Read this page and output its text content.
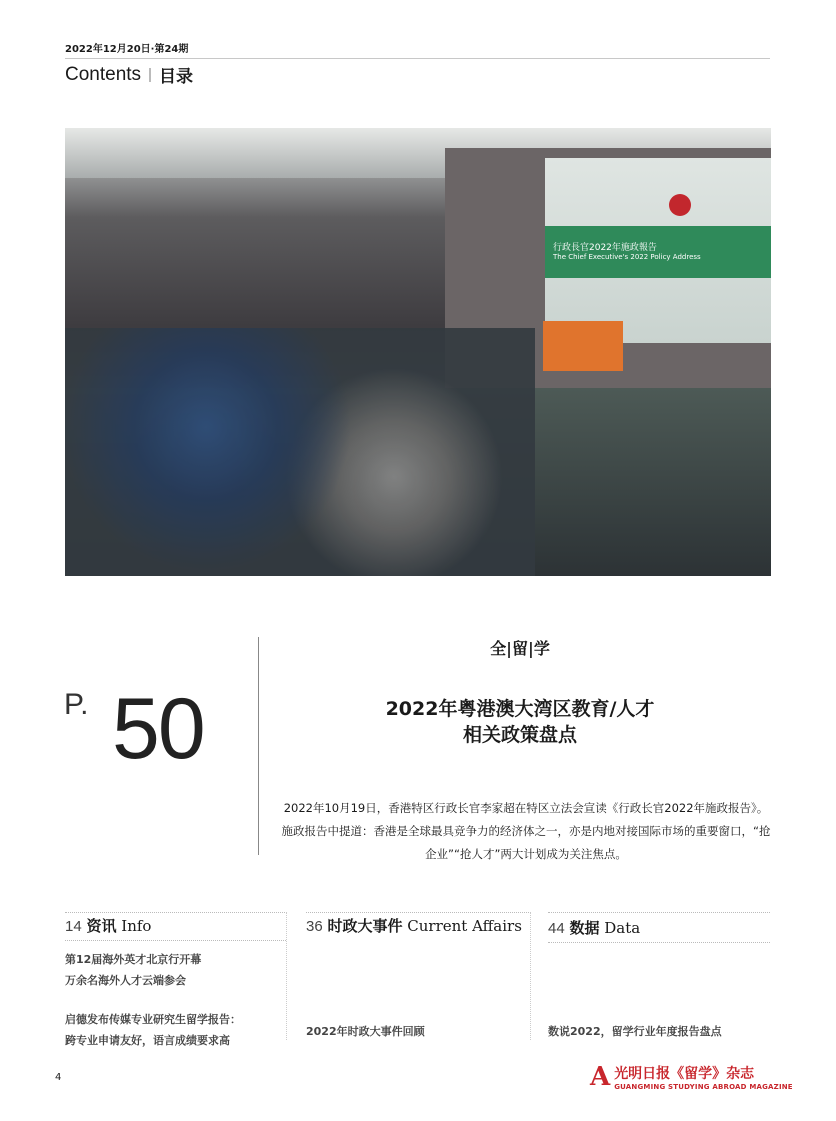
2022年12月20日·第24期
Contents 目录
行政長官2022年施政報告
The Chief Executive's 2022 Policy Address
P. 50
全|留|学
2022年粤港澳大湾区教育/人才
相关政策盘点
2022年10月19日，香港特区行政长官李家超在特区立法会宣读《行政长官2022年施政报告》。施政报告中提道：香港是全球最具竞争力的经济体之一，亦是内地对接国际市场的重要窗口，“抢企业”“抢人才”两大计划成为关注焦点。
14 资讯 Info
第12届海外英才北京行开幕
万余名海外人才云端参会
启德发布传媒专业研究生留学报告：
跨专业申请友好，语言成绩要求高
36 时政大事件 Current Affairs
2022年时政大事件回顾
44 数据 Data
数说2022，留学行业年度报告盘点
4	A 光明日报《留学》杂志
GUANGMING STUDYING ABROAD MAGAZINE
